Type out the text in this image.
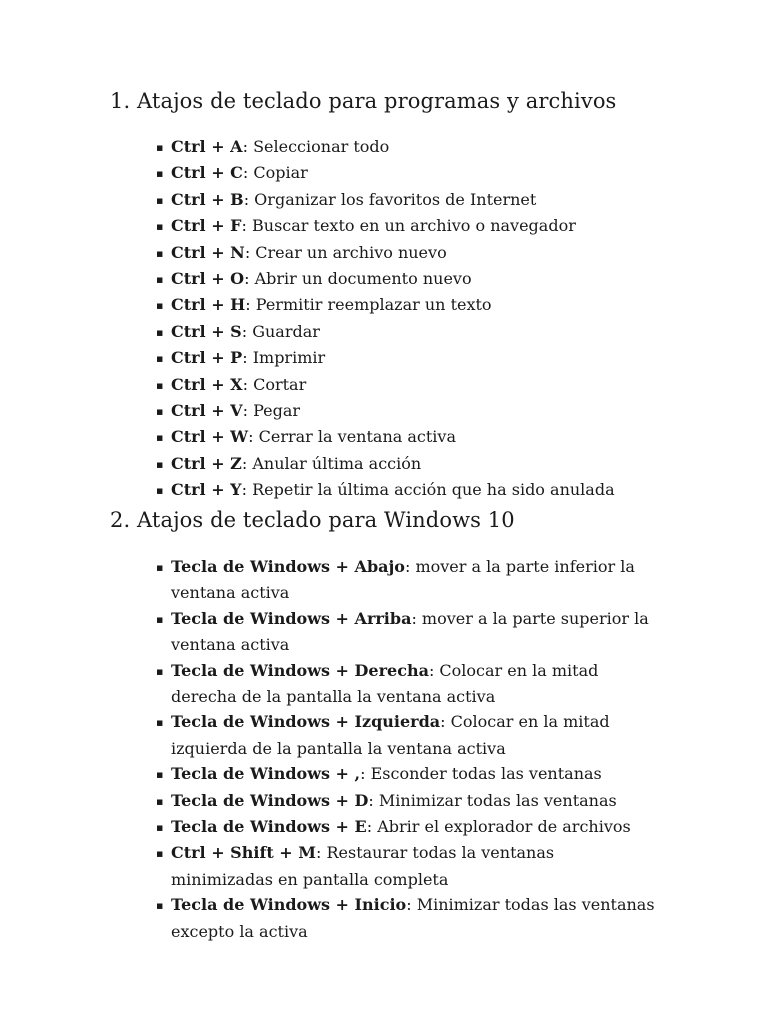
1. Atajos de teclado para programas y archivos
▪ Ctrl + A: Seleccionar todo
▪ Ctrl + C: Copiar
▪ Ctrl + B: Organizar los favoritos de Internet
▪ Ctrl + F: Buscar texto en un archivo o navegador
▪ Ctrl + N: Crear un archivo nuevo
▪ Ctrl + O: Abrir un documento nuevo
▪ Ctrl + H: Permitir reemplazar un texto
▪ Ctrl + S: Guardar
▪ Ctrl + P: Imprimir
▪ Ctrl + X: Cortar
▪ Ctrl + V: Pegar
▪ Ctrl + W: Cerrar la ventana activa
▪ Ctrl + Z: Anular última acción
▪ Ctrl + Y: Repetir la última acción que ha sido anulada
2. Atajos de teclado para Windows 10
▪ Tecla de Windows + Abajo: mover a la parte inferior la ventana activa
▪ Tecla de Windows + Arriba: mover a la parte superior la ventana activa
▪ Tecla de Windows + Derecha: Colocar en la mitad derecha de la pantalla la ventana activa
▪ Tecla de Windows + Izquierda: Colocar en la mitad izquierda de la pantalla la ventana activa
▪ Tecla de Windows + ,: Esconder todas las ventanas
▪ Tecla de Windows + D: Minimizar todas las ventanas
▪ Tecla de Windows + E: Abrir el explorador de archivos
▪ Ctrl + Shift + M: Restaurar todas la ventanas minimizadas en pantalla completa
▪ Tecla de Windows + Inicio: Minimizar todas las ventanas excepto la activa
